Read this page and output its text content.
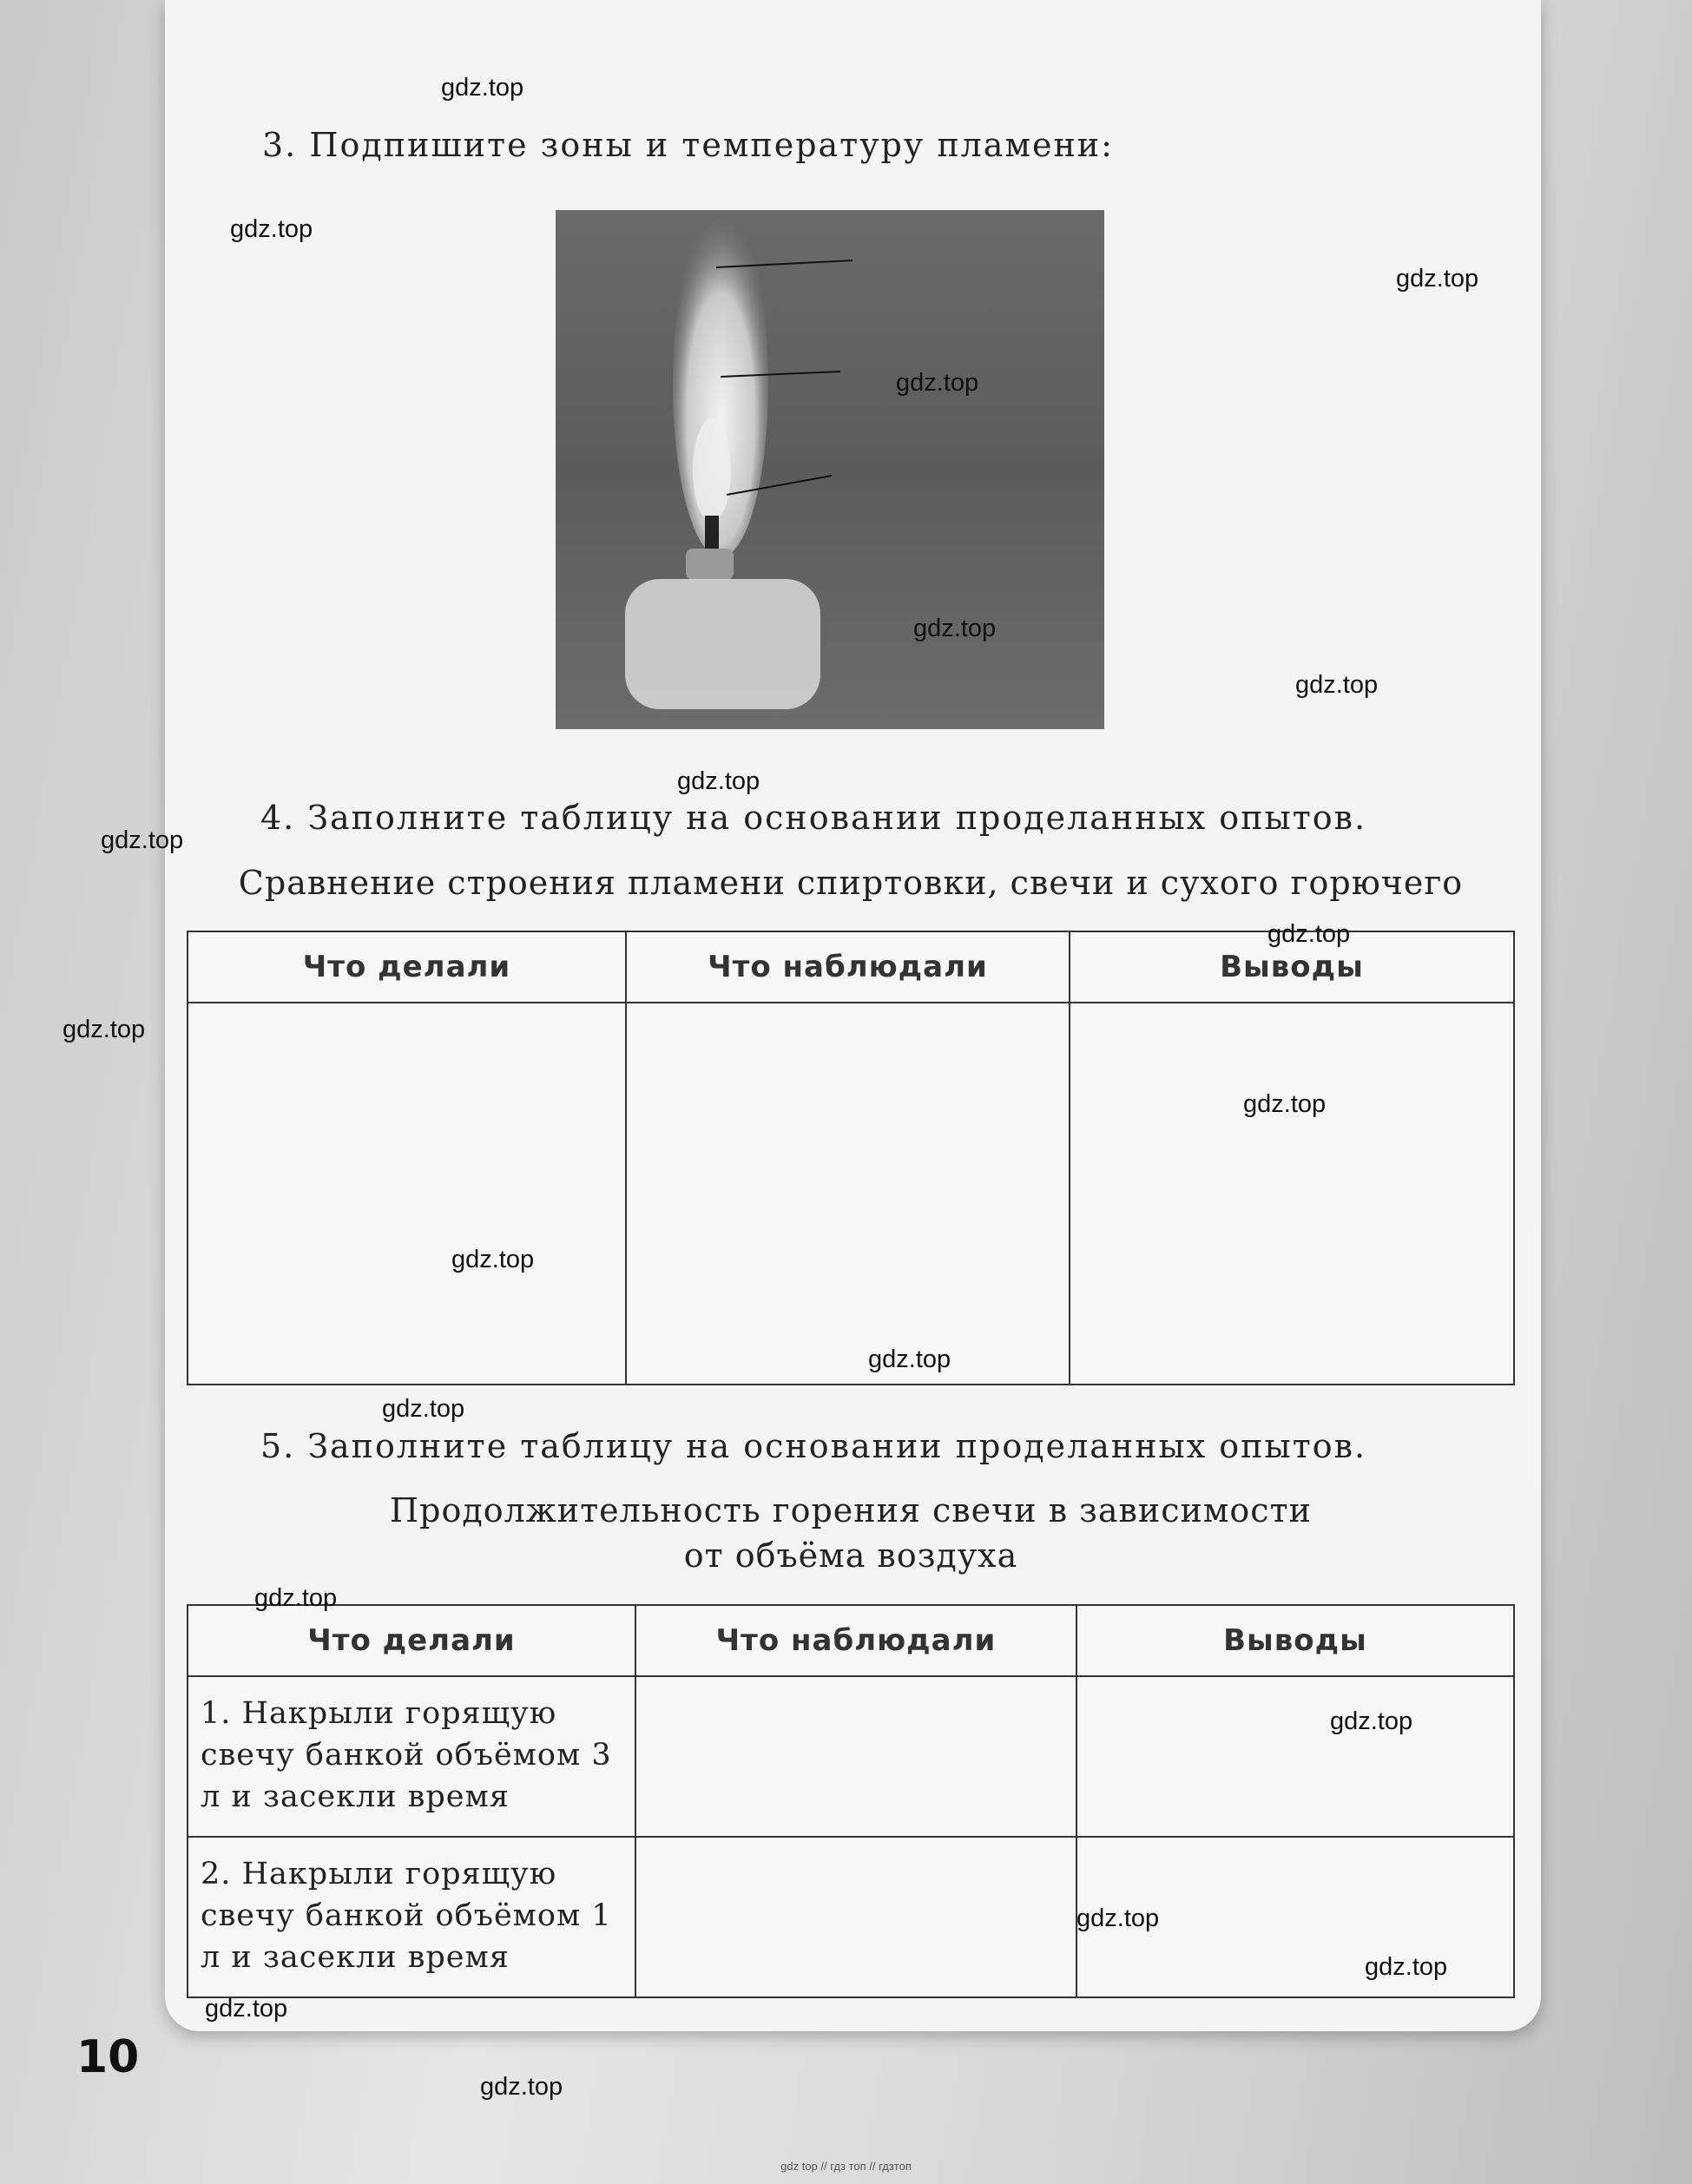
3. Подпишите зоны и температуру пламени:
4. Заполните таблицу на основании проделанных опытов.
Сравнение строения пламени спиртовки, свечи и сухого горючего
Что делали	Что наблюдали	Выводы

5. Заполните таблицу на основании проделанных опытов.
Продолжительность горения свечи в зависимости
от объёма воздуха
Что делали	Что наблюдали	Выводы
1. Накрыли горящую свечу банкой объёмом 3 л и засекли время		
2. Накрыли горящую свечу банкой объёмом 1 л и засекли время		
10
gdz.top
gdz.top
gdz.top
gdz.top
gdz.top
gdz.top
gdz.top
gdz.top
gdz.top
gdz.top
gdz.top
gdz.top
gdz.top
gdz.top
gdz.top
gdz.top
gdz.top
gdz.top
gdz.top
gdz.top
gdz top // гдз топ // гдзтоп
